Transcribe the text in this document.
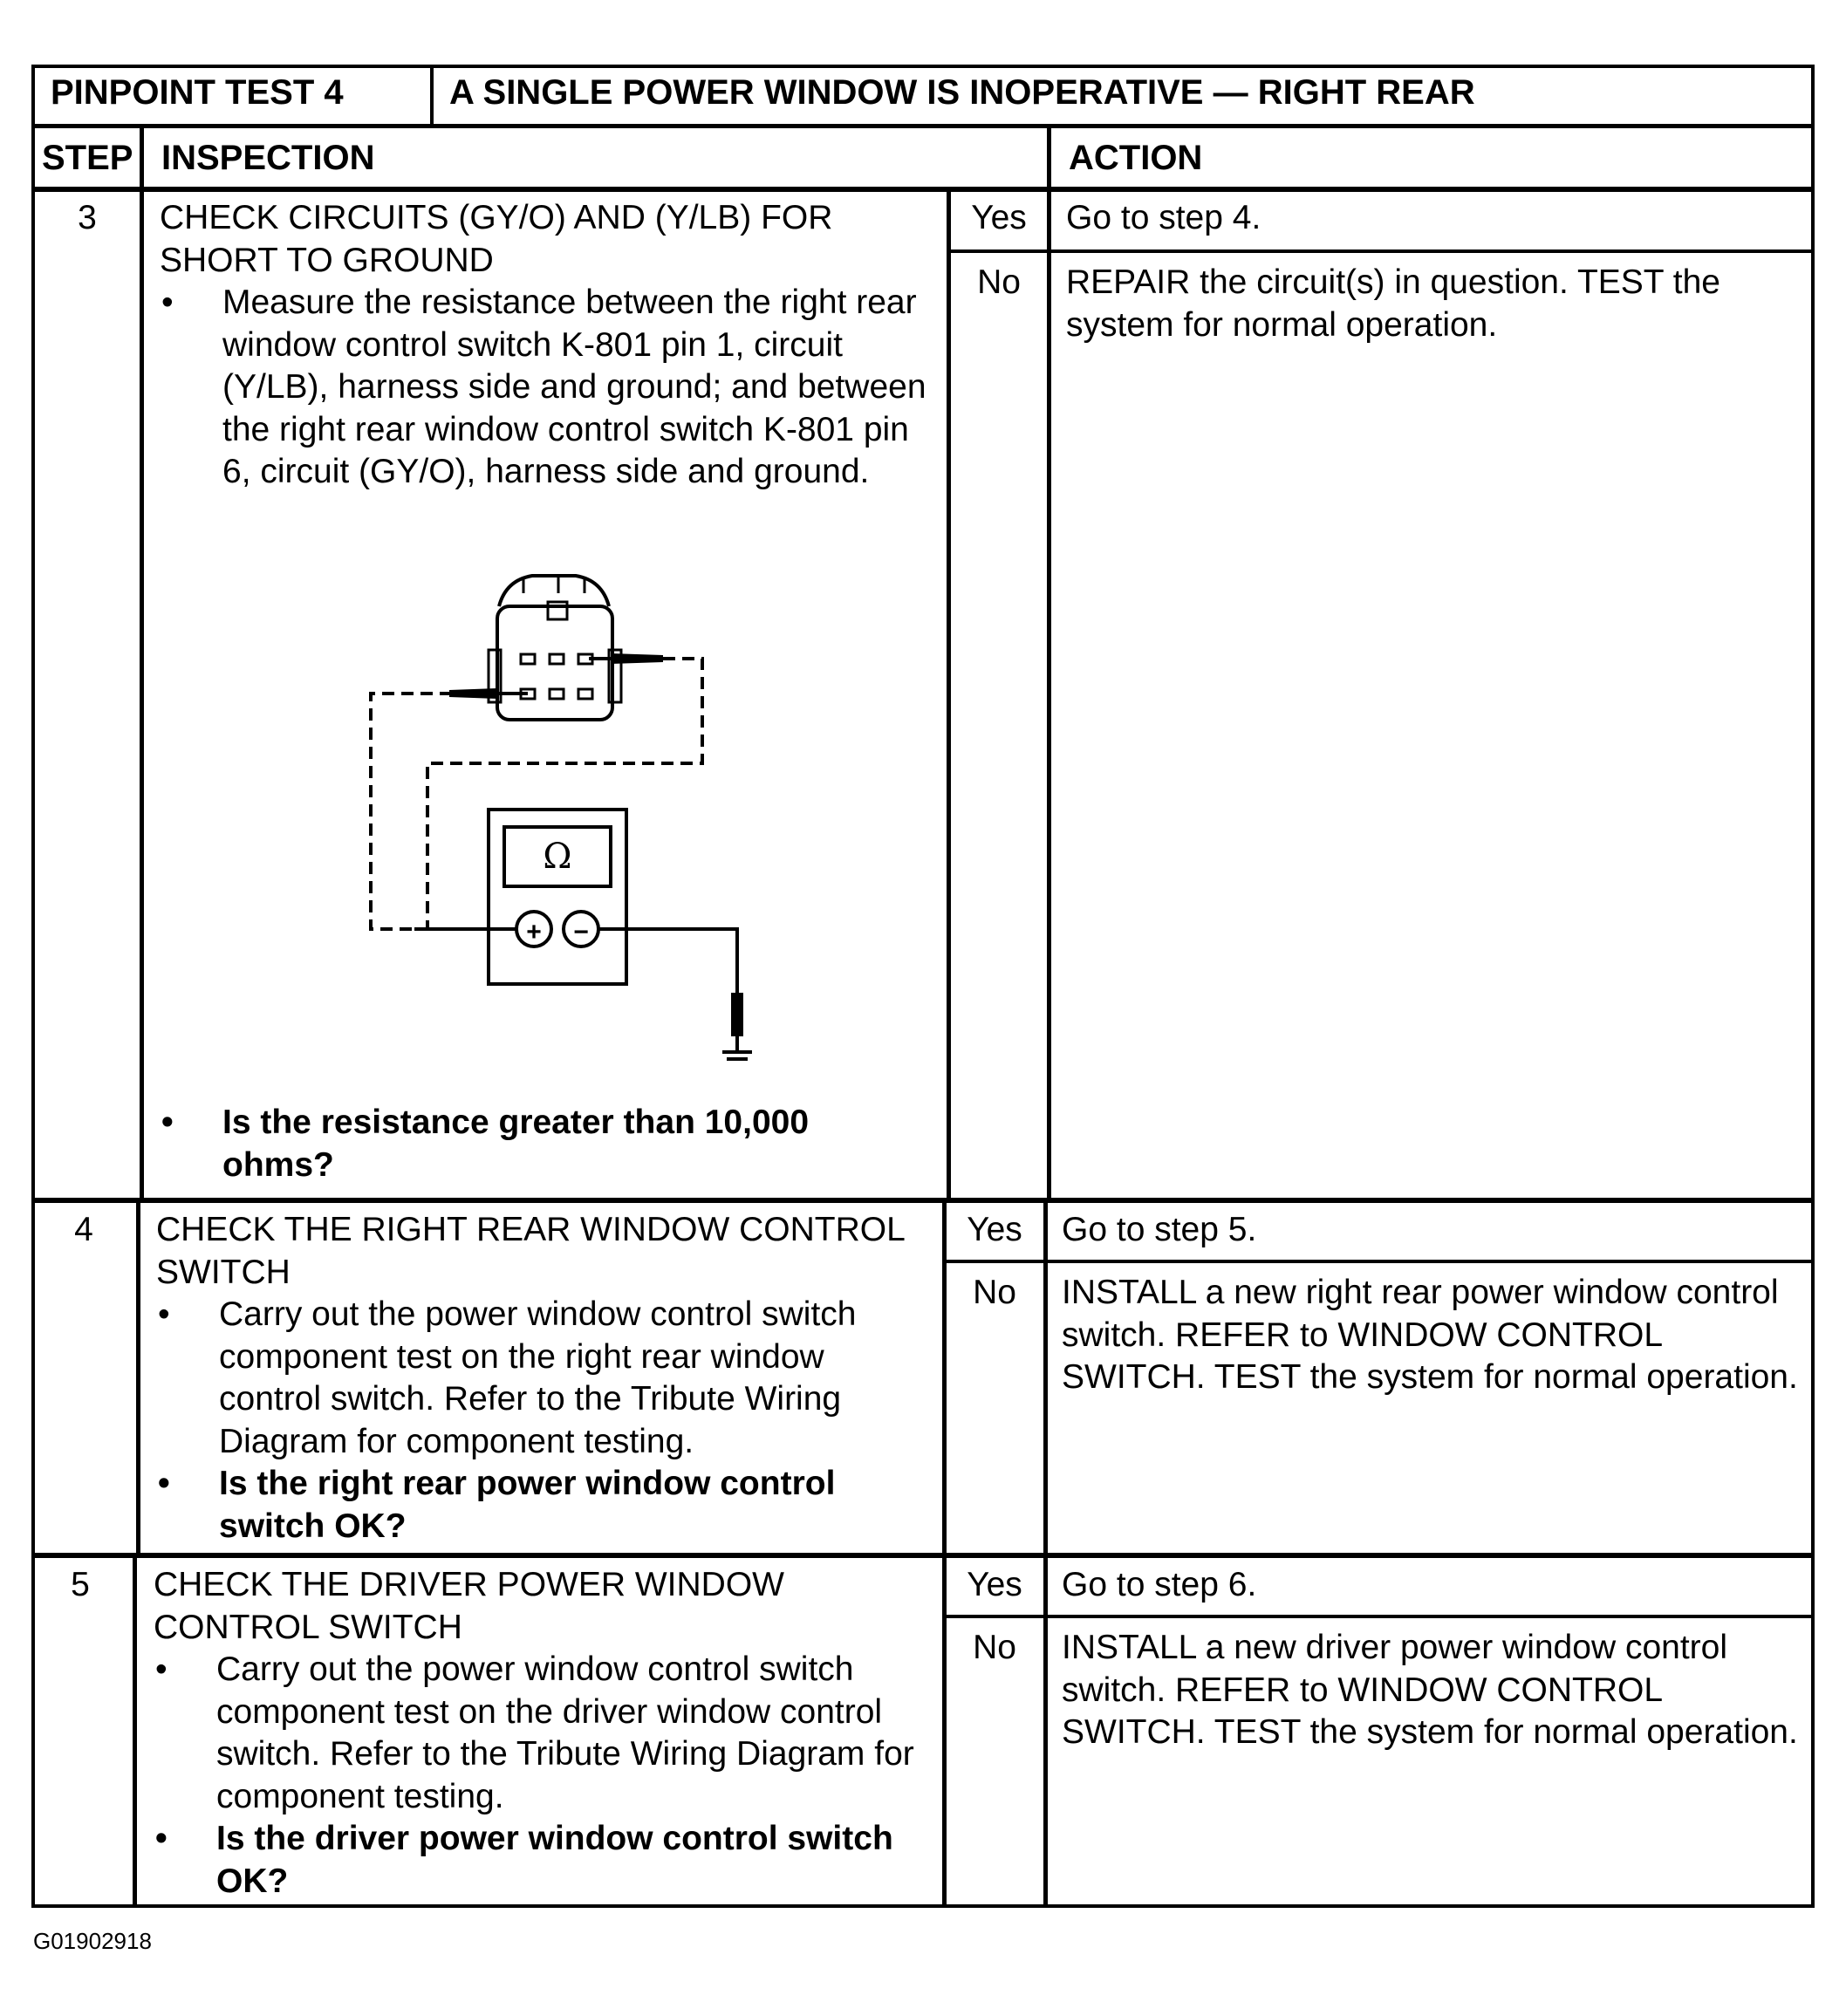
PINPOINT TEST 4	A SINGLE POWER WINDOW IS INOPERATIVE — RIGHT REAR
STEP INSPECTION	ACTION
3	CHECK CIRCUITS (GY/O) AND (Y/LB) FOR
SHORT TO GROUND
• Measure the resistance between the right rear window control switch K-801 pin 1, circuit (Y/LB), harness side and ground; and between the right rear window control switch K-801 pin 6, circuit (GY/O), harness side and ground.
• Is the resistance greater than 10,000 ohms?
Yes	Go to step 4.
No	REPAIR the circuit(s) in question. TEST the system for normal operation.
4	CHECK THE RIGHT REAR WINDOW CONTROL
SWITCH
• Carry out the power window control switch component test on the right rear window control switch. Refer to the Tribute Wiring Diagram for component testing.
• Is the right rear power window control switch OK?
Yes	Go to step 5.
No	INSTALL a new right rear power window control switch. REFER to WINDOW CONTROL SWITCH. TEST the system for normal operation.
5	CHECK THE DRIVER POWER WINDOW
CONTROL SWITCH
• Carry out the power window control switch component test on the driver window control switch. Refer to the Tribute Wiring Diagram for component testing.
• Is the driver power window control switch OK?
Yes	Go to step 6.
No	INSTALL a new driver power window control switch. REFER to WINDOW CONTROL SWITCH. TEST the system for normal operation.
Ω
+ −
G01902918
